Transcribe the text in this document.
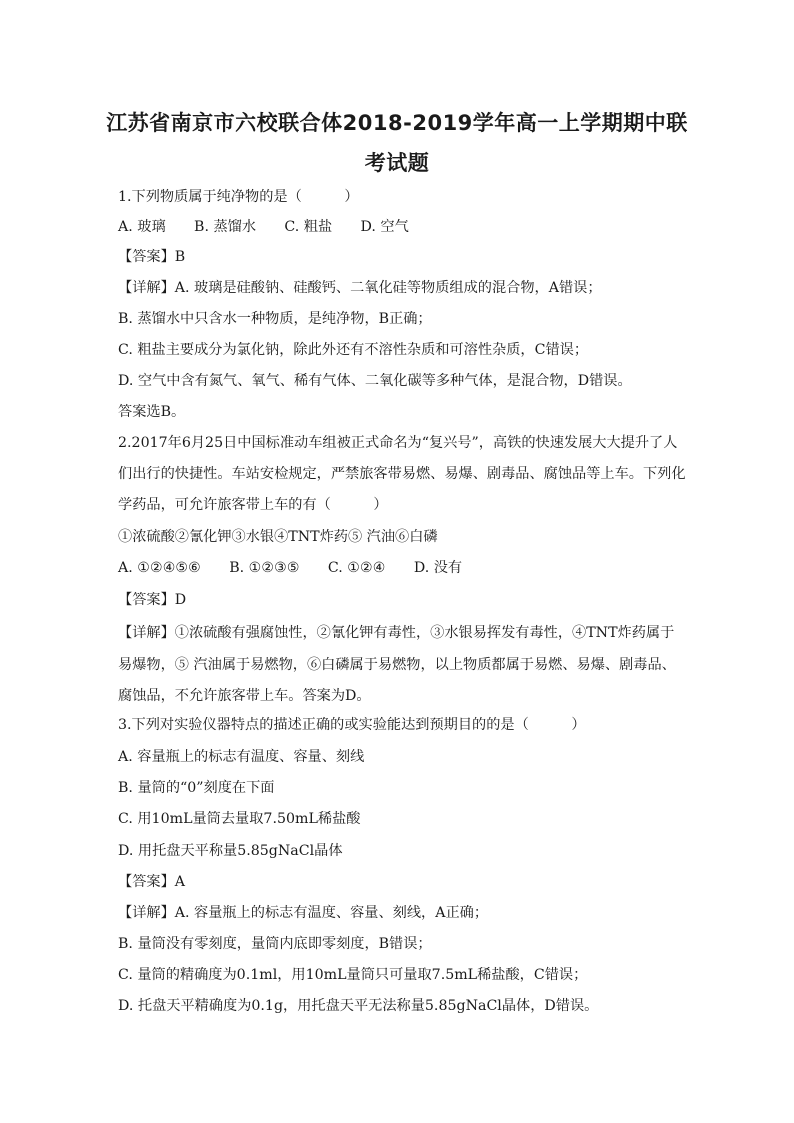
江苏省南京市六校联合体2018-2019学年高一上学期期中联
考试题
1.下列物质属于纯净物的是（　　　）
A. 玻璃　　B. 蒸馏水　　C. 粗盐　　D. 空气
【答案】B
【详解】A. 玻璃是硅酸钠、硅酸钙、二氧化硅等物质组成的混合物，A错误；
B. 蒸馏水中只含水一种物质，是纯净物，B正确；
C. 粗盐主要成分为氯化钠，除此外还有不溶性杂质和可溶性杂质，C错误；
D. 空气中含有氮气、氧气、稀有气体、二氧化碳等多种气体，是混合物，D错误。
答案选B。
2.2017年6月25日中国标准动车组被正式命名为“复兴号”，高铁的快速发展大大提升了人
们出行的快捷性。车站安检规定，严禁旅客带易燃、易爆、剧毒品、腐蚀品等上车。下列化
学药品，可允许旅客带上车的有（　　　）
①浓硫酸②氰化钾③水银④TNT炸药⑤ 汽油⑥白磷
A. ①②④⑤⑥　　B. ①②③⑤　　C. ①②④　　D. 没有
【答案】D
【详解】①浓硫酸有强腐蚀性，②氰化钾有毒性，③水银易挥发有毒性，④TNT炸药属于
易爆物，⑤ 汽油属于易燃物，⑥白磷属于易燃物，以上物质都属于易燃、易爆、剧毒品、
腐蚀品，不允许旅客带上车。答案为D。
3.下列对实验仪器特点的描述正确的或实验能达到预期目的的是（　　　）
A. 容量瓶上的标志有温度、容量、刻线
B. 量筒的“0”刻度在下面
C. 用10mL量筒去量取7.50mL稀盐酸
D. 用托盘天平称量5.85gNaCl晶体
【答案】A
【详解】A. 容量瓶上的标志有温度、容量、刻线，A正确；
B. 量筒没有零刻度，量筒内底即零刻度，B错误；
C. 量筒的精确度为0.1ml，用10mL量筒只可量取7.5mL稀盐酸，C错误；
D. 托盘天平精确度为0.1g，用托盘天平无法称量5.85gNaCl晶体，D错误。
